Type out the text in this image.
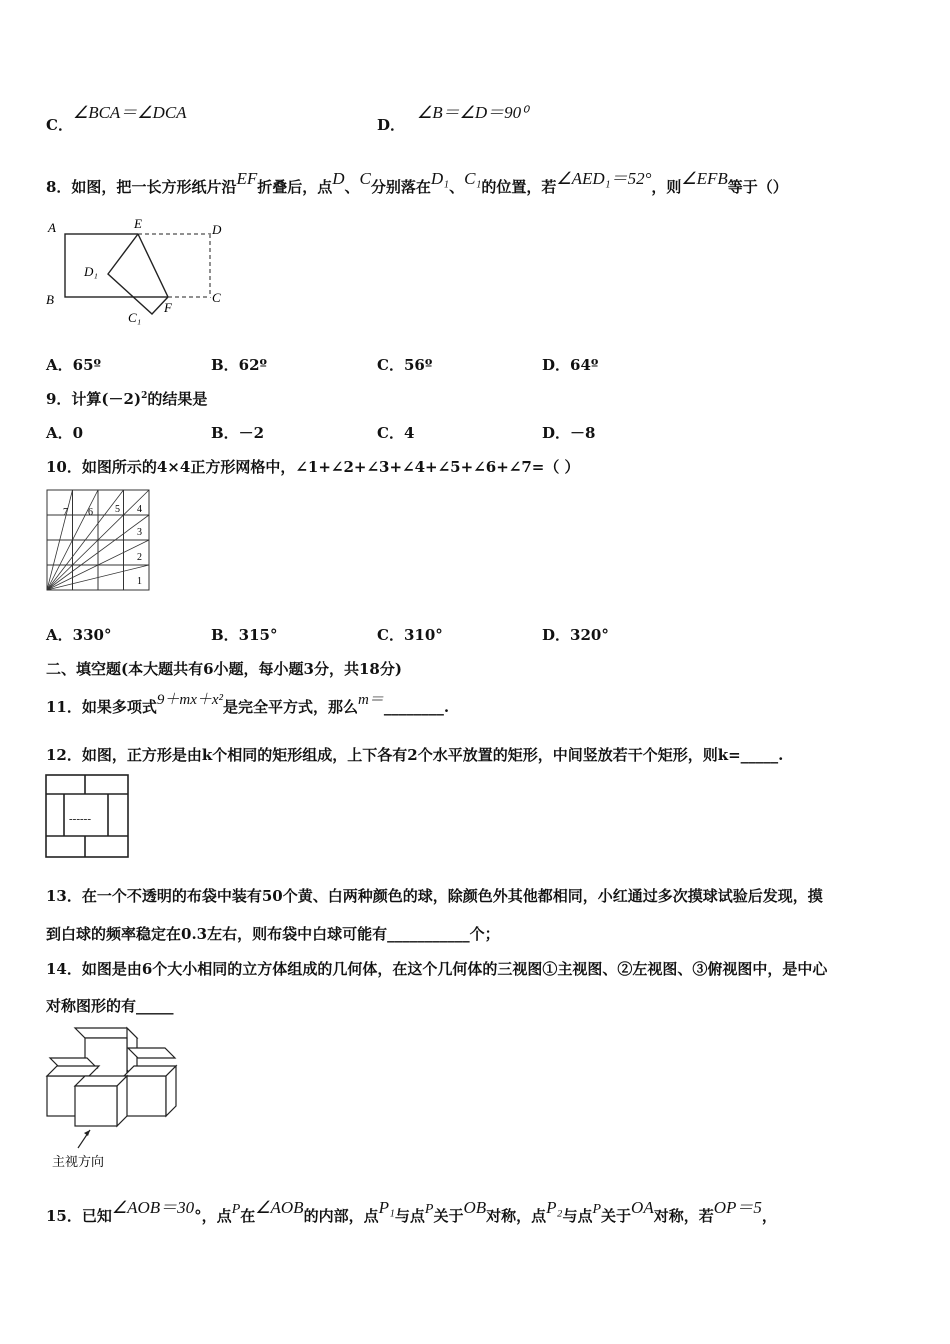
C．∠BCA＝∠DCA
D．∠B＝∠D＝90⁰
8．如图，把一长方形纸片沿EF折叠后，点D、C分别落在D₁、C₁的位置，若∠AED₁＝52°，则∠EFB等于（）
A	E	D
D₁
B	C
C₁
F
A．65º	B．62º	C．56º	D．64º
9．计算$(-2)^2$的结果是
A．0	B．－2	C．4	D．－8
10．如图所示的4×4正方形网格中，∠1+∠2+∠3+∠4+∠5+∠6+∠7=（ ）
1
2
3
4
5
6
7
A．330°	B．315°	C．310°	D．320°
二、填空题(本大题共有6小题，每小题3分，共18分)
11．如果多项式9＋mx＋x²是完全平方式，那么m＝________.
12．如图，正方形是由k个相同的矩形组成，上下各有2个水平放置的矩形，中间竖放若干个矩形，则k=_____.
------
13．在一个不透明的布袋中装有50个黄、白两种颜色的球，除颜色外其他都相同，小红通过多次摸球试验后发现，摸
到白球的频率稳定在0.3左右，则布袋中白球可能有___________个；
14．如图是由6个大小相同的立方体组成的几何体，在这个几何体的三视图①主视图、②左视图、③俯视图中，是中心
对称图形的有_____
主视方向
15．已知∠AOB＝30°，点P在∠AOB的内部，点P₁与点P关于OB对称，点P₂与点P关于OA对称，若OP＝5，
